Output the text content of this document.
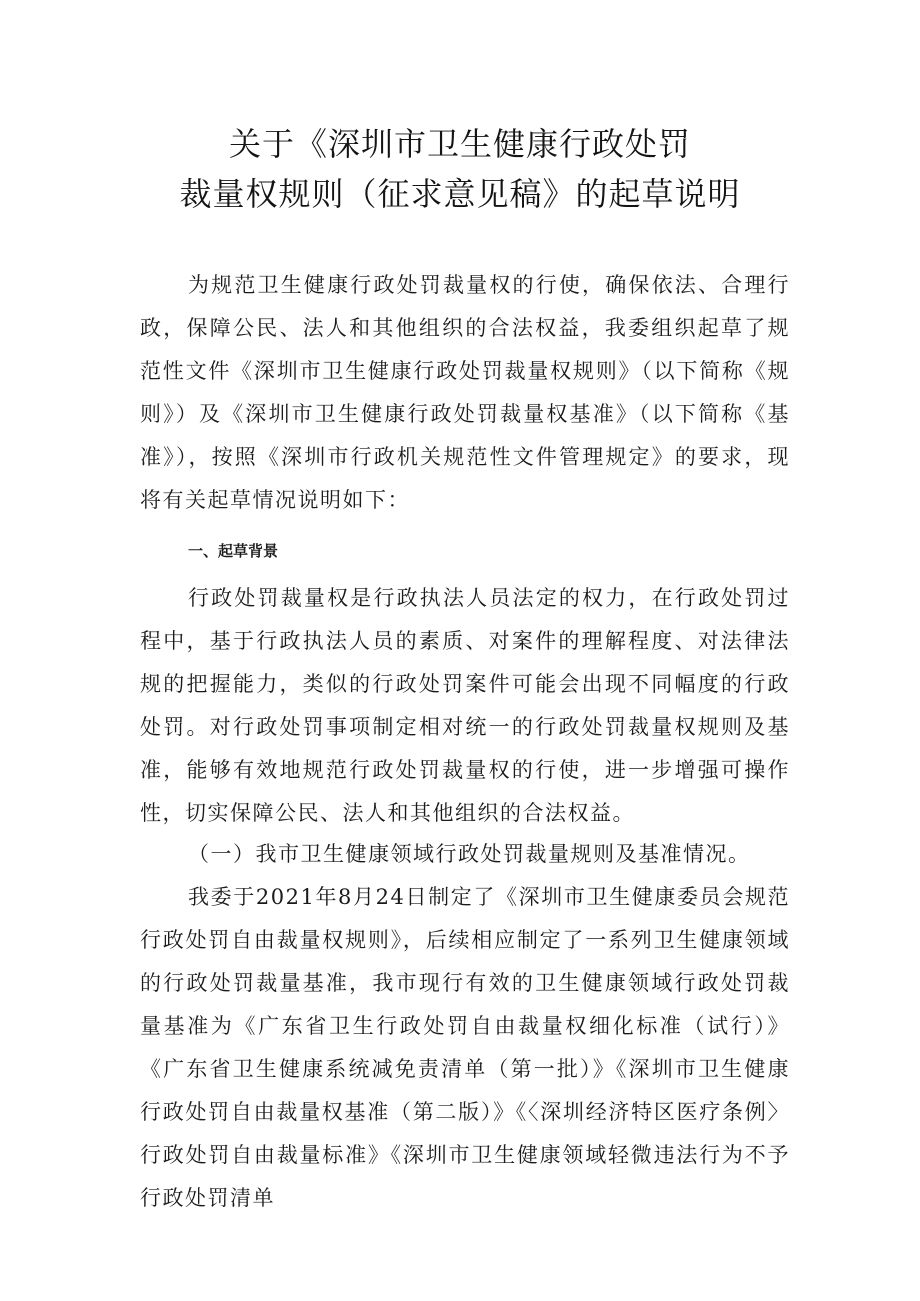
关于《深圳市卫生健康行政处罚
裁量权规则（征求意见稿》的起草说明

为规范卫生健康行政处罚裁量权的行使，确保依法、合理行政，保障公民、法人和其他组织的合法权益，我委组织起草了规范性文件《深圳市卫生健康行政处罚裁量权规则》（以下简称《规则》）及《深圳市卫生健康行政处罚裁量权基准》（以下简称《基准》），按照《深圳市行政机关规范性文件管理规定》的要求，现将有关起草情况说明如下：

一、起草背景

行政处罚裁量权是行政执法人员法定的权力，在行政处罚过程中，基于行政执法人员的素质、对案件的理解程度、对法律法规的把握能力，类似的行政处罚案件可能会出现不同幅度的行政处罚。对行政处罚事项制定相对统一的行政处罚裁量权规则及基准，能够有效地规范行政处罚裁量权的行使，进一步增强可操作性，切实保障公民、法人和其他组织的合法权益。

（一）我市卫生健康领域行政处罚裁量规则及基准情况。

我委于2021年8月24日制定了《深圳市卫生健康委员会规范行政处罚自由裁量权规则》，后续相应制定了一系列卫生健康领域的行政处罚裁量基准，我市现行有效的卫生健康领域行政处罚裁量基准为《广东省卫生行政处罚自由裁量权细化标准（试行）》《广东省卫生健康系统减免责清单（第一批）》《深圳市卫生健康行政处罚自由裁量权基准（第二版）》《〈深圳经济特区医疗条例〉行政处罚自由裁量标准》《深圳市卫生健康领域轻微违法行为不予行政处罚清单
